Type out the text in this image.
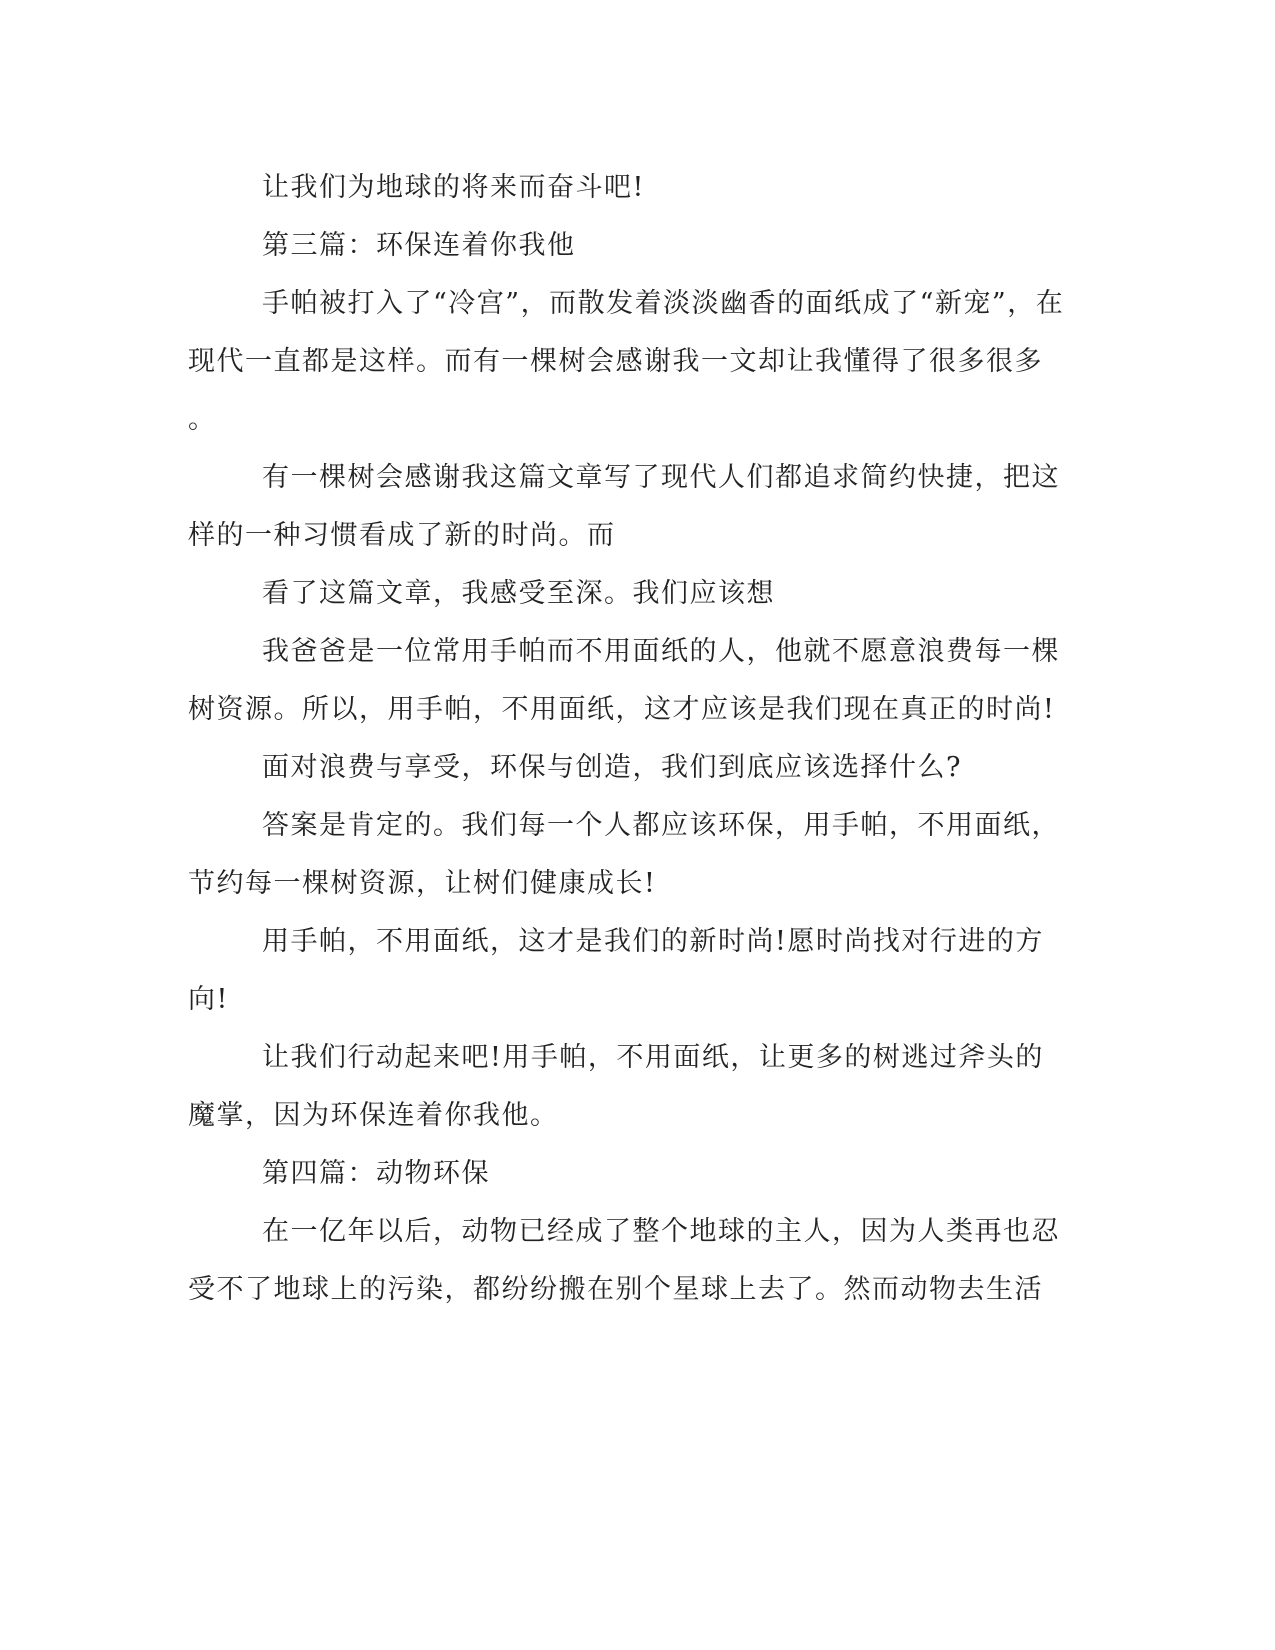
让我们为地球的将来而奋斗吧!
第三篇：环保连着你我他
手帕被打入了“冷宫”，而散发着淡淡幽香的面纸成了“新宠”，在
现代一直都是这样。而有一棵树会感谢我一文却让我懂得了很多很多
。
有一棵树会感谢我这篇文章写了现代人们都追求简约快捷，把这
样的一种习惯看成了新的时尚。而
看了这篇文章，我感受至深。我们应该想
我爸爸是一位常用手帕而不用面纸的人，他就不愿意浪费每一棵
树资源。所以，用手帕，不用面纸，这才应该是我们现在真正的时尚!
面对浪费与享受，环保与创造，我们到底应该选择什么?
答案是肯定的。我们每一个人都应该环保，用手帕，不用面纸，
节约每一棵树资源，让树们健康成长!
用手帕，不用面纸，这才是我们的新时尚!愿时尚找对行进的方
向!
让我们行动起来吧!用手帕，不用面纸，让更多的树逃过斧头的
魔掌，因为环保连着你我他。
第四篇：动物环保
在一亿年以后，动物已经成了整个地球的主人，因为人类再也忍
受不了地球上的污染，都纷纷搬在别个星球上去了。然而动物去生活
